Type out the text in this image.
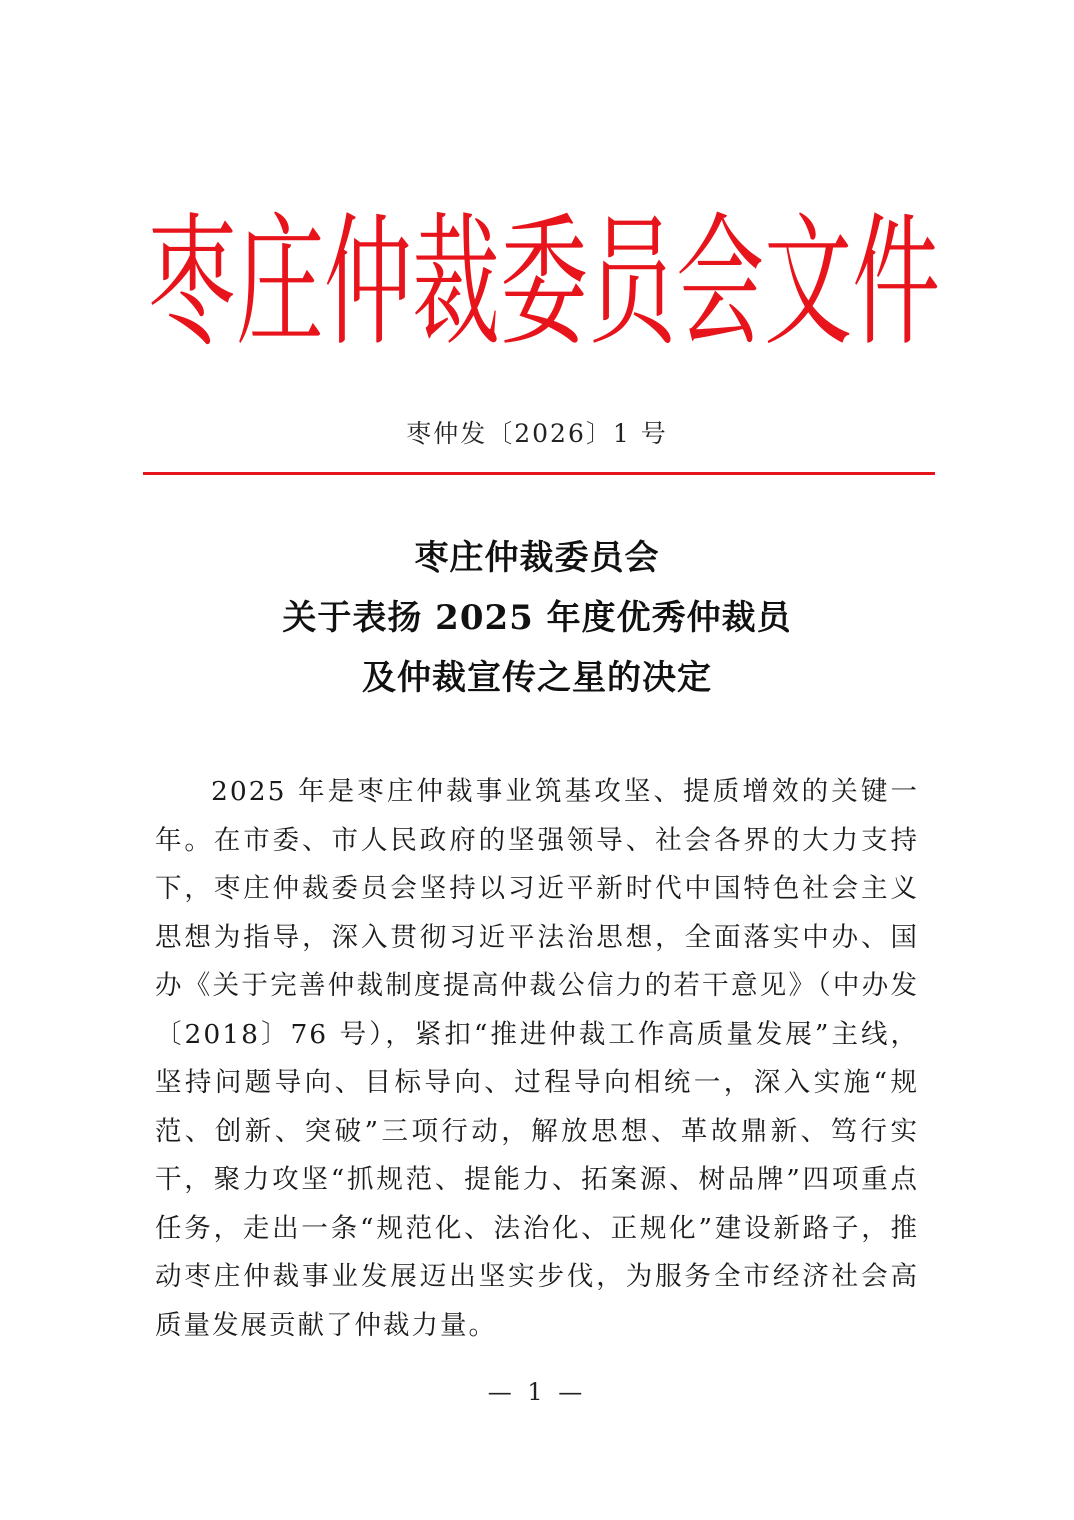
枣 庄 仲 裁 委 员 会 文 件
枣仲发〔2026〕1 号
枣庄仲裁委员会
关于表扬 2025 年度优秀仲裁员
及仲裁宣传之星的决定

2025 年是枣庄仲裁事业筑基攻坚、提质增效的关键一年。在市委、市人民政府的坚强领导、社会各界的大力支持下，枣庄仲裁委员会坚持以习近平新时代中国特色社会主义思想为指导，深入贯彻习近平法治思想，全面落实中办、国办《关于完善仲裁制度提高仲裁公信力的若干意见》（中办发〔2018〕76 号），紧扣“推进仲裁工作高质量发展”主线，坚持问题导向、目标导向、过程导向相统一，深入实施“规范、创新、突破”三项行动，解放思想、革故鼎新、笃行实干，聚力攻坚“抓规范、提能力、拓案源、树品牌”四项重点任务，走出一条“规范化、法治化、正规化”建设新路子，推动枣庄仲裁事业发展迈出坚实步伐，为服务全市经济社会高质量发展贡献了仲裁力量。

— 1 —
